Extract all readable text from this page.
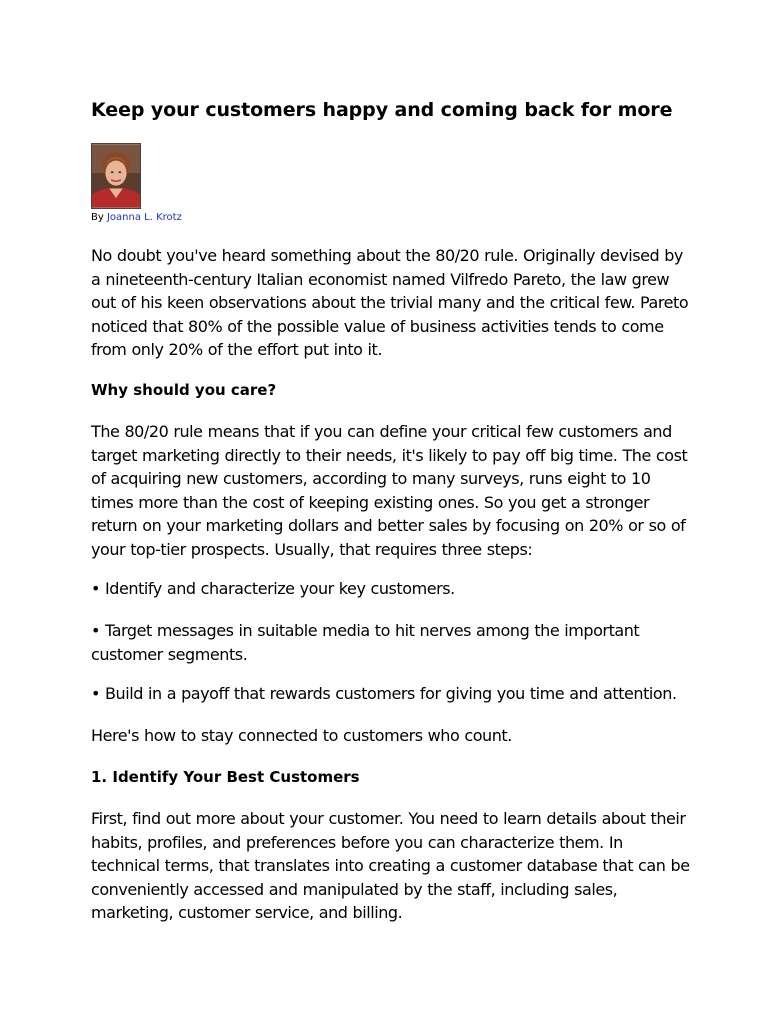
Keep your customers happy and coming back for more
By Joanna L. Krotz

No doubt you've heard something about the 80/20 rule. Originally devised by a nineteenth-century Italian economist named Vilfredo Pareto, the law grew out of his keen observations about the trivial many and the critical few. Pareto noticed that 80% of the possible value of business activities tends to come from only 20% of the effort put into it.

Why should you care?

The 80/20 rule means that if you can define your critical few customers and target marketing directly to their needs, it's likely to pay off big time. The cost of acquiring new customers, according to many surveys, runs eight to 10 times more than the cost of keeping existing ones. So you get a stronger return on your marketing dollars and better sales by focusing on 20% or so of your top-tier prospects. Usually, that requires three steps:

• Identify and characterize your key customers.

• Target messages in suitable media to hit nerves among the important customer segments.

• Build in a payoff that rewards customers for giving you time and attention.

Here's how to stay connected to customers who count.

1. Identify Your Best Customers

First, find out more about your customer. You need to learn details about their habits, profiles, and preferences before you can characterize them. In technical terms, that translates into creating a customer database that can be conveniently accessed and manipulated by the staff, including sales, marketing, customer service, and billing.
